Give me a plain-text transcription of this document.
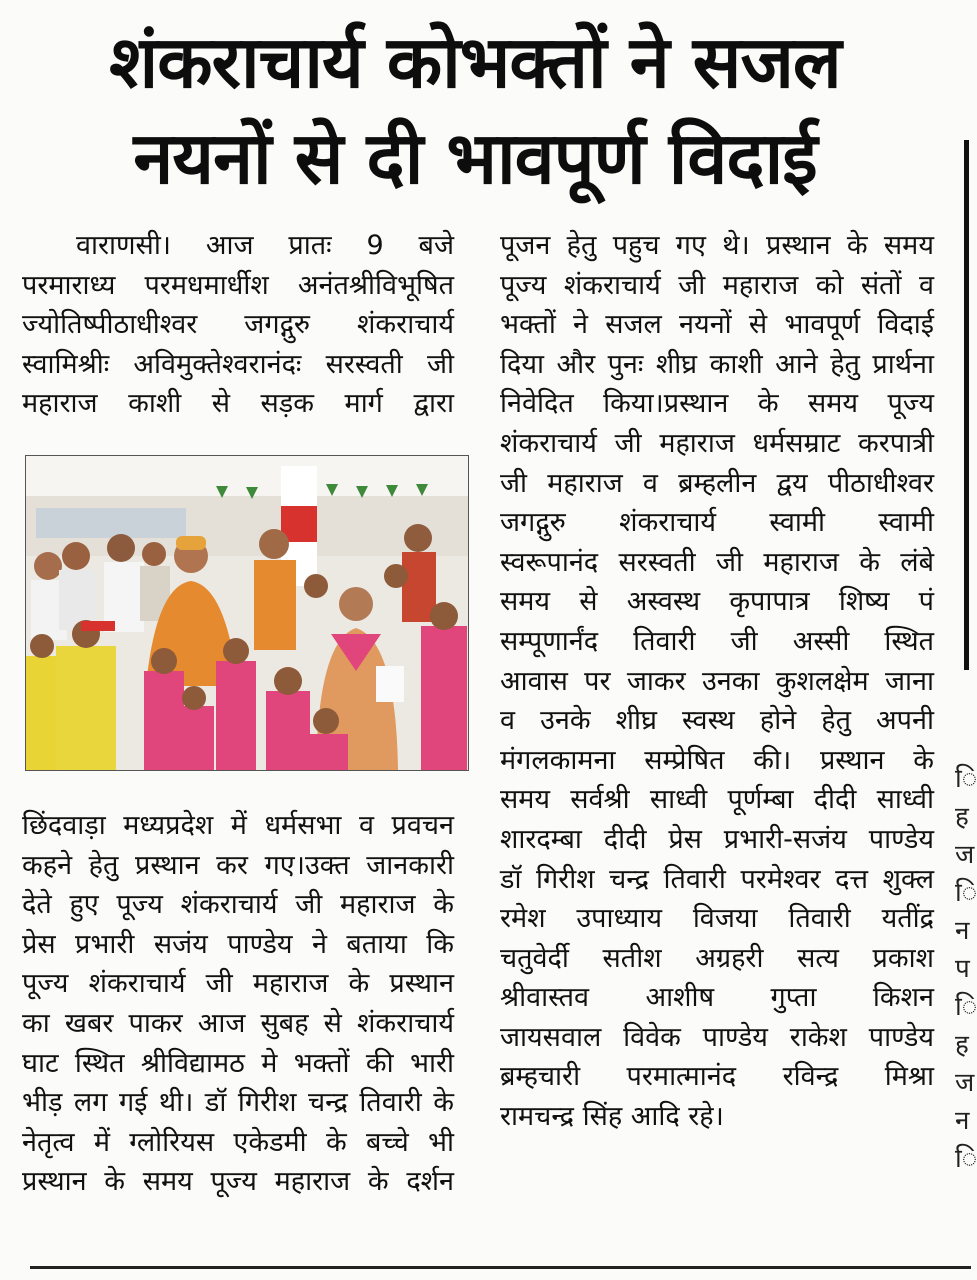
शंकराचार्य कोभक्तों ने सजल
नयनों से दी भावपूर्ण विदाई

वाराणसी। आज प्रातः 9 बजे

परमाराध्य परमधमार्धीश अनंतश्रीविभूषित

ज्योतिष्पीठाधीश्वर जगद्गुरु शंकराचार्य

स्वामिश्रीः अविमुक्तेश्वरानंदः सरस्वती जी

महाराज काशी से सड़क मार्ग द्वारा

छिंदवाड़ा मध्यप्रदेश में धर्मसभा व प्रवचन

कहने हेतु प्रस्थान कर गए।उक्त जानकारी

देते हुए पूज्य शंकराचार्य जी महाराज के

प्रेस प्रभारी सजंय पाण्डेय ने बताया कि

पूज्य शंकराचार्य जी महाराज के प्रस्थान

का खबर पाकर आज सुबह से शंकराचार्य

घाट स्थित श्रीविद्यामठ मे भक्तों की भारी

भीड़ लग गई थी। डॉ गिरीश चन्द्र तिवारी के

नेतृत्व में ग्लोरियस एकेडमी के बच्चे भी

प्रस्थान के समय पूज्य महाराज के दर्शन

पूजन हेतु पहुच गए थे। प्रस्थान के समय

पूज्य शंकराचार्य जी महाराज को संतों व

भक्तों ने सजल नयनों से भावपूर्ण विदाई

दिया और पुनः शीघ्र काशी आने हेतु प्रार्थना

निवेदित किया।प्रस्थान के समय पूज्य

शंकराचार्य जी महाराज धर्मसम्राट करपात्री

जी महाराज व ब्रम्हलीन द्वय पीठाधीश्वर

जगद्गुरु शंकराचार्य स्वामी स्वामी

स्वरूपानंद सरस्वती जी महाराज के लंबे

समय से अस्वस्थ कृपापात्र शिष्य पं

सम्पूणार्नंद तिवारी जी अस्सी स्थित

आवास पर जाकर उनका कुशलक्षेम जाना

व उनके शीघ्र स्वस्थ होने हेतु अपनी

मंगलकामना सम्प्रेषित की। प्रस्थान के

समय सर्वश्री साध्वी पूर्णम्बा दीदी साध्वी

शारदम्बा दीदी प्रेस प्रभारी-सजंय पाण्डेय

डॉ गिरीश चन्द्र तिवारी परमेश्वर दत्त शुक्ल

रमेश उपाध्याय विजया तिवारी यतींद्र

चतुवेर्दी सतीश अग्रहरी सत्य प्रकाश

श्रीवास्तव आशीष गुप्ता किशन

जायसवाल विवेक पाण्डेय राकेश पाण्डेय

ब्रम्हचारी परमात्मानंद रविन्द्र मिश्रा

रामचन्द्र सिंह आदि रहे।

ि
ह
ज
ि
न
प
ि
ह
ज
न
ि
